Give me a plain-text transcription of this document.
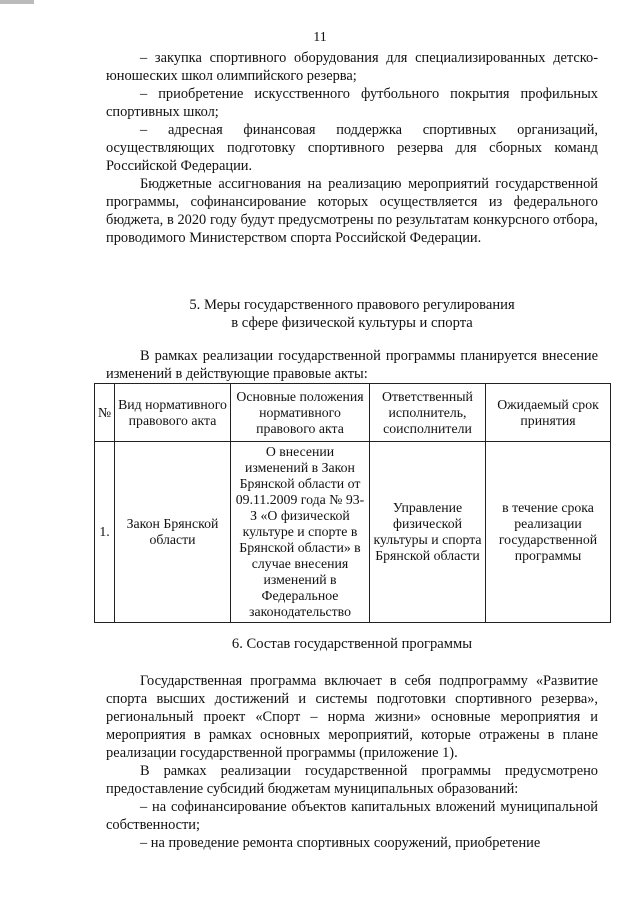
11

– закупка спортивного оборудования для специализированных детско-юношеских школ олимпийского резерва;

– приобретение искусственного футбольного покрытия профильных спортивных школ;

– адресная финансовая поддержка спортивных организаций, осуществляющих подготовку спортивного резерва для сборных команд Российской Федерации.

Бюджетные ассигнования на реализацию мероприятий государственной программы, софинансирование которых осуществляется из федерального бюджета, в 2020 году будут предусмотрены по результатам конкурсного отбора, проводимого Министерством спорта Российской Федерации.

5. Меры государственного правового регулирования
в сфере физической культуры и спорта

В рамках реализации государственной программы планируется внесение изменений в действующие правовые акты:

№	Вид нормативного правового акта	Основные положения нормативного правового акта	Ответственный исполнитель, соисполнители	Ожидаемый срок принятия
1.	Закон Брянской области	О внесении изменений в Закон Брянской области от 09.11.2009 года № 93-З «О физической культуре и спорте в Брянской области» в случае внесения изменений в Федеральное законодательство	Управление физической культуры и спорта Брянской области	в течение срока реализации государственной программы
6. Состав государственной программы

Государственная программа включает в себя подпрограмму «Развитие спорта высших достижений и системы подготовки спортивного резерва», региональный проект «Спорт – норма жизни» основные мероприятия и мероприятия в рамках основных мероприятий, которые отражены в плане реализации государственной программы (приложение 1).

В рамках реализации государственной программы предусмотрено предоставление субсидий бюджетам муниципальных образований:

– на софинансирование объектов капитальных вложений муниципальной собственности;

– на проведение ремонта спортивных сооружений, приобретение
